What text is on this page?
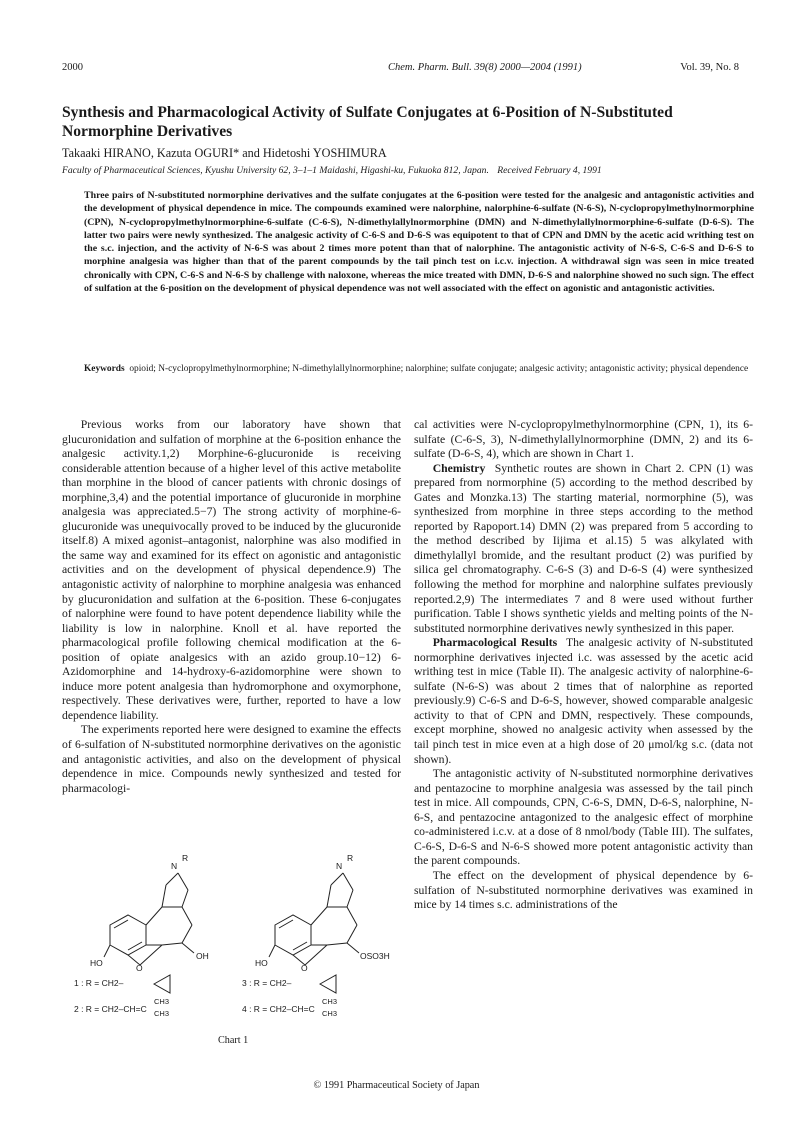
2000	Chem. Pharm. Bull. 39(8) 2000—2004 (1991)	Vol. 39, No. 8
Synthesis and Pharmacological Activity of Sulfate Conjugates at 6-Position of N-Substituted
Normorphine Derivatives
Takaaki HIRANO, Kazuta OGURI* and Hidetoshi YOSHIMURA
Faculty of Pharmaceutical Sciences, Kyushu University 62, 3–1–1 Maidashi, Higashi-ku, Fukuoka 812, Japan. Received February 4, 1991
Three pairs of N-substituted normorphine derivatives and the sulfate conjugates at the 6-position were tested for the analgesic and antagonistic activities and the development of physical dependence in mice. The compounds examined were nalorphine, nalorphine-6-sulfate (N-6-S), N-cyclopropylmethylnormorphine (CPN), N-cyclopropylmethylnormorphine-6-sulfate (C-6-S), N-dimethylallylnormorphine (DMN) and N-dimethylallylnormorphine-6-sulfate (D-6-S). The latter two pairs were newly synthesized. The analgesic activity of C-6-S and D-6-S was equipotent to that of CPN and DMN by the acetic acid writhing test on the s.c. injection, and the activity of N-6-S was about 2 times more potent than that of nalorphine. The antagonistic activity of N-6-S, C-6-S and D-6-S to morphine analgesia was higher than that of the parent compounds by the tail pinch test on i.c.v. injection. A withdrawal sign was seen in mice treated chronically with CPN, C-6-S and N-6-S by challenge with naloxone, whereas the mice treated with DMN, D-6-S and nalorphine showed no such sign. The effect of sulfation at the 6-position on the development of physical dependence was not well associated with the effect on agonistic and antagonistic activities.
Keywords opioid; N-cyclopropylmethylnormorphine; N-dimethylallylnormorphine; nalorphine; sulfate conjugate; analgesic activity; antagonistic activity; physical dependence

Previous works from our laboratory have shown that glucuronidation and sulfation of morphine at the 6-position enhance the analgesic activity.1,2) Morphine-6-glucuronide is receiving considerable attention because of a higher level of this active metabolite than morphine in the blood of cancer patients with chronic dosings of morphine,3,4) and the potential importance of glucuronide in morphine analgesia was appreciated.5−7) The strong activity of morphine-6-glucuronide was unequivocally proved to be induced by the glucuronide itself.8) A mixed agonist–antagonist, nalorphine was also modified in the same way and examined for its effect on agonistic and antagonistic activities and on the development of physical dependence.9) The antagonistic activity of nalorphine to morphine analgesia was enhanced by glucuronidation and sulfation at the 6-position. These 6-conjugates of nalorphine were found to have potent dependence liability while the liability is low in nalorphine. Knoll et al. have reported the pharmacological profile following chemical modification at the 6-position of opiate analgesics with an azido group.10−12) 6-Azidomorphine and 14-hydroxy-6-azidomorphine were shown to induce more potent analgesia than hydromorphone and oxymorphone, respectively. These derivatives were, further, reported to have a low dependence liability.

The experiments reported here were designed to examine the effects of 6-sulfation of N-substituted normorphine derivatives on the agonistic and antagonistic activities, and also on the development of physical dependence in mice. Compounds newly synthesized and tested for pharmacologi-

cal activities were N-cyclopropylmethylnormorphine (CPN, 1), its 6-sulfate (C-6-S, 3), N-dimethylallylnormorphine (DMN, 2) and its 6-sulfate (D-6-S, 4), which are shown in Chart 1.

Chemistry Synthetic routes are shown in Chart 2. CPN (1) was prepared from normorphine (5) according to the method described by Gates and Monzka.13) The starting material, normorphine (5), was synthesized from morphine in three steps according to the method reported by Rapoport.14) DMN (2) was prepared from 5 according to the method described by Iijima et al.15) 5 was alkylated with dimethylallyl bromide, and the resultant product (2) was purified by silica gel chromatography. C-6-S (3) and D-6-S (4) were synthesized following the method for morphine and nalorphine sulfates previously reported.2,9) The intermediates 7 and 8 were used without further purification. Table I shows synthetic yields and melting points of the N-substituted normorphine derivatives newly synthesized in this paper.

Pharmacological Results The analgesic activity of N-substituted normorphine derivatives injected i.c. was assessed by the acetic acid writhing test in mice (Table II). The analgesic activity of nalorphine-6-sulfate (N-6-S) was about 2 times that of nalorphine as reported previously.9) C-6-S and D-6-S, however, showed comparable analgesic activity to that of CPN and DMN, respectively. These compounds, except morphine, showed no analgesic activity when assessed by the tail pinch test in mice even at a high dose of 20 μmol/kg s.c. (data not shown).

The antagonistic activity of N-substituted normorphine derivatives and pentazocine to morphine analgesia was assessed by the tail pinch test in mice. All compounds, CPN, C-6-S, DMN, D-6-S, nalorphine, N-6-S, and pentazocine antagonized to the analgesic effect of morphine co-administered i.c.v. at a dose of 8 nmol/body (Table III). The sulfates, C-6-S, D-6-S and N-6-S showed more potent antagonistic activity than the parent compounds.

The effect on the development of physical dependence by 6-sulfation of N-substituted normorphine derivatives was examined in mice by 14 times s.c. administrations of the

N
R
HO	O
OH
N
R
HO	O
OSO3H
1 : R = CH2–
2 : R = CH2–CH=C
CH3
CH3
3 : R = CH2–
4 : R = CH2–CH=C
CH3
CH3
Chart 1
© 1991 Pharmaceutical Society of Japan
